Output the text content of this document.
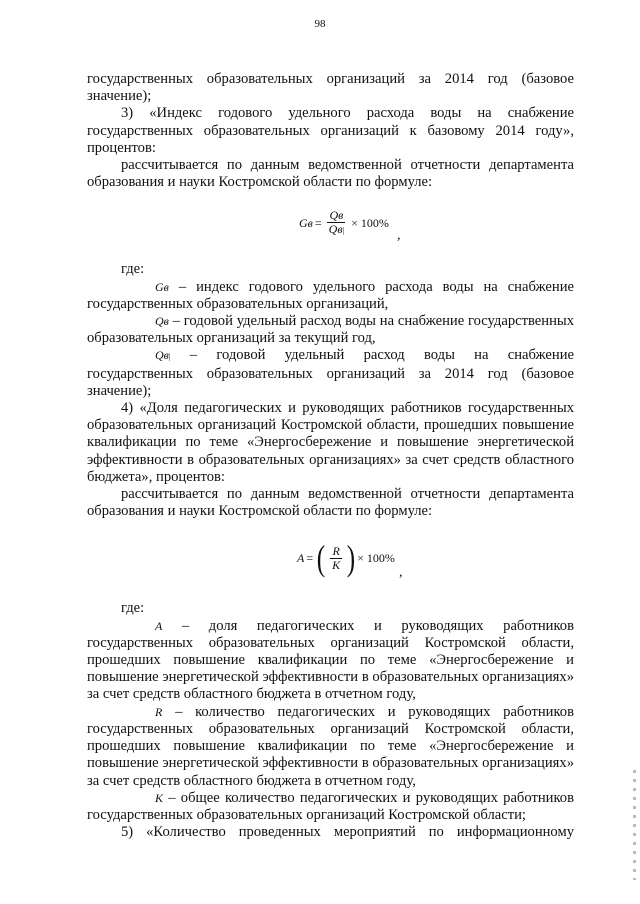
98

государственных образовательных организаций за 2014 год (базовое значение);

3) «Индекс годового удельного расхода воды на снабжение государственных образовательных организаций к базовому 2014 году», процентов:

рассчитывается по данным ведомственной отчетности департамента образования и науки Костромской области по формуле:

Gв = $\frac{Qв}{Qв|} \times 100\%$
,

где:

Gв – индекс годового удельного расхода воды на снабжение государственных образовательных организаций,

Qв – годовой удельный расход воды на снабжение государственных образовательных организаций за текущий год,

Qв| – годовой удельный расход воды на снабжение государственных образовательных организаций за 2014 год (базовое значение);

4) «Доля педагогических и руководящих работников государственных образовательных организаций Костромской области, прошедших повышение квалификации по теме «Энергосбережение и повышение энергетической эффективности в образовательных организациях» за счет средств областного бюджета», процентов:

рассчитывается по данным ведомственной отчетности департамента образования и науки Костромской области по формуле:

A = ( $\frac{R}{K}$ ) × 100%
,

где:

A – доля педагогических и руководящих работников государственных образовательных организаций Костромской области, прошедших повышение квалификации по теме «Энергосбережение и повышение энергетической эффективности в образовательных организациях» за счет средств областного бюджета в отчетном году,

R – количество педагогических и руководящих работников государственных образовательных организаций Костромской области, прошедших повышение квалификации по теме «Энергосбережение и повышение энергетической эффективности в образовательных организациях» за счет средств областного бюджета в отчетном году,

K – общее количество педагогических и руководящих работников государственных образовательных организаций Костромской области;

5) «Количество проведенных мероприятий по информационному
